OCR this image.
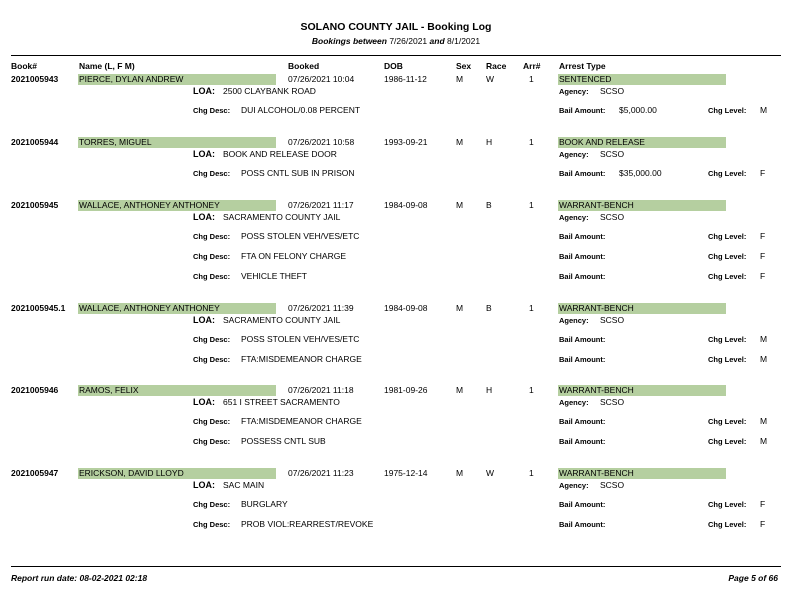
SOLANO COUNTY JAIL - Booking Log
Bookings between 7/26/2021 and 8/1/2021
Book#	Name (L, F M)	Booked	DOB	Sex Race Arr# Arrest Type
2021005943 PIERCE, DYLAN ANDREW	07/26/2021 10:04	1986-11-12	M	W	1	SENTENCED
LOA: 2500 CLAYBANK ROAD	Agency: SCSO
Chg Desc: DUI ALCOHOL/0.08 PERCENT	Bail Amount: $5,000.00	Chg Level: M
2021005944 TORRES, MIGUEL	07/26/2021 10:58	1993-09-21	M	H	1	BOOK AND RELEASE
LOA: BOOK AND RELEASE DOOR	Agency: SCSO
Chg Desc: POSS CNTL SUB IN PRISON	Bail Amount: $35,000.00	Chg Level: F
2021005945 WALLACE, ANTHONEY ANTHONEY	07/26/2021 11:17	1984-09-08	M	B	1	WARRANT-BENCH
LOA: SACRAMENTO COUNTY JAIL	Agency: SCSO
Chg Desc: POSS STOLEN VEH/VES/ETC	Bail Amount:	Chg Level: F
Chg Desc: FTA ON FELONY CHARGE	Bail Amount:	Chg Level: F
Chg Desc: VEHICLE THEFT	Bail Amount:	Chg Level: F
2021005945.1 WALLACE, ANTHONEY ANTHONEY	07/26/2021 11:39	1984-09-08	M	B	1	WARRANT-BENCH
LOA: SACRAMENTO COUNTY JAIL	Agency: SCSO
Chg Desc: POSS STOLEN VEH/VES/ETC	Bail Amount:	Chg Level: M
Chg Desc: FTA:MISDEMEANOR CHARGE	Bail Amount:	Chg Level: M
2021005946 RAMOS, FELIX	07/26/2021 11:18	1981-09-26	M	H	1	WARRANT-BENCH
LOA: 651 I STREET SACRAMENTO	Agency: SCSO
Chg Desc: FTA:MISDEMEANOR CHARGE	Bail Amount:	Chg Level: M
Chg Desc: POSSESS CNTL SUB	Bail Amount:	Chg Level: M
2021005947 ERICKSON, DAVID LLOYD	07/26/2021 11:23	1975-12-14	M	W	1	WARRANT-BENCH
LOA: SAC MAIN	Agency: SCSO
Chg Desc: BURGLARY	Bail Amount:	Chg Level: F
Chg Desc: PROB VIOL:REARREST/REVOKE	Bail Amount:	Chg Level: F
Report run date: 08-02-2021 02:18	Page 5 of 66
